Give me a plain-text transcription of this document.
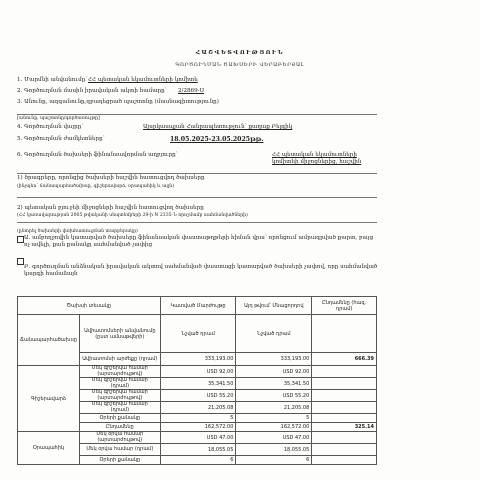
ՀԱՇՎԵՏՎՈՒԹՅՈՒՆ
ԳՈՐԾՈՒՂՄԱՆ ԾԱԽՍԵՐԻ ՎԵՐԱԲԵՐՅԱԼ
1. Մարմնի անվանումը՝ ՀՀ պետական եկամուտների կոմիտե
2. Գործուղման մասին իրավական ակտի համարը՝ 2/2869-Ս
3. Անունը, ազգանունը,զբաղեցրած պաշտոնը (մասնագիտությունը)
[անունը, պաշտոնը/գործառույթը]
4. Գործուղման վայրը՝	Այսրկասպյան Հանրապետություն՝ քաղաք Բելգիկ
5. Գործուղման ժամկետները՝	18.05.2025-23.05.2025թթ.
6. Գործուղման ծախսերի ֆինանսավորման աղբյուրը՝	ՀՀ պետական եկամուտների կոմիտեի միջոցներից, հաշվին
1) ծրագրերը, որոնցից ծախսերի հաշվին հատուցվող ծախսերը
(ինչպես՝ ճանապարհածախսը, գիշերավարձ, օրապահիկ և այլն)
2) պետական բյուջեի միջոցների հաշվին հատուցվող ծախսերը
(ՀՀ կառավարության 2005 թվականի սեպտեմբերի 29-ի N 2335-Ն որոշմամբ սահմանվածների)
(ընտրել ծախսերի փոխհատուցման տարբերակը)
Ա. ամբողջովին կատարված ծախսերը ֆինանսական փաստաթղթերի հիման վրա՝ որոնցում ամրագրված քարտ, բայց ոչ ավելի, քան քանակը սահմանված չափից
Բ. գործուղման անձնական իրավական ակտով սահմանված փաստացի կատարված ծախսերի չափով, որը սահմանված կարգի համաձայն
Ծախսի տեսակը		Կատված Մարժույթը	Այդ թվում՝ Մնացորդով	Ընդամենը (հազ. դրամ)
Ճանապարհածախսը	Ավիատոմսերի անվանումը (ըստ ամսաթվերի)	Նշված դրամ	Նշված դրամ	
	Ավիատոմսի արժեքը (դրամ)	333,193.00	333,193.00	666.39
Գիշերավարձ	Մեկ գիշերվա համար (արտարժույթով)	USD 92.00	USD 92.00	
	Մեկ գիշերվա համար (դրամ)	35,341.50	35,341.50	
	Մեկ գիշերվա համար (արտարժույթով)	USD 55.20	USD 55.20	
	Մեկ գիշերվա համար (դրամ)	21,205.08	21,205.08	
	Օրերի քանակը	5	5	
	Ընդամենը	162,572.00	162,572.00	325.14
Օրապահիկ	Մեկ օրվա համար (արտարժույթով)	USD 47.00	USD 47.00	
	Մեկ օրվա համար (դրամ)	18,055.05	18,055.05	
	Օրերի քանակը	6	6	
